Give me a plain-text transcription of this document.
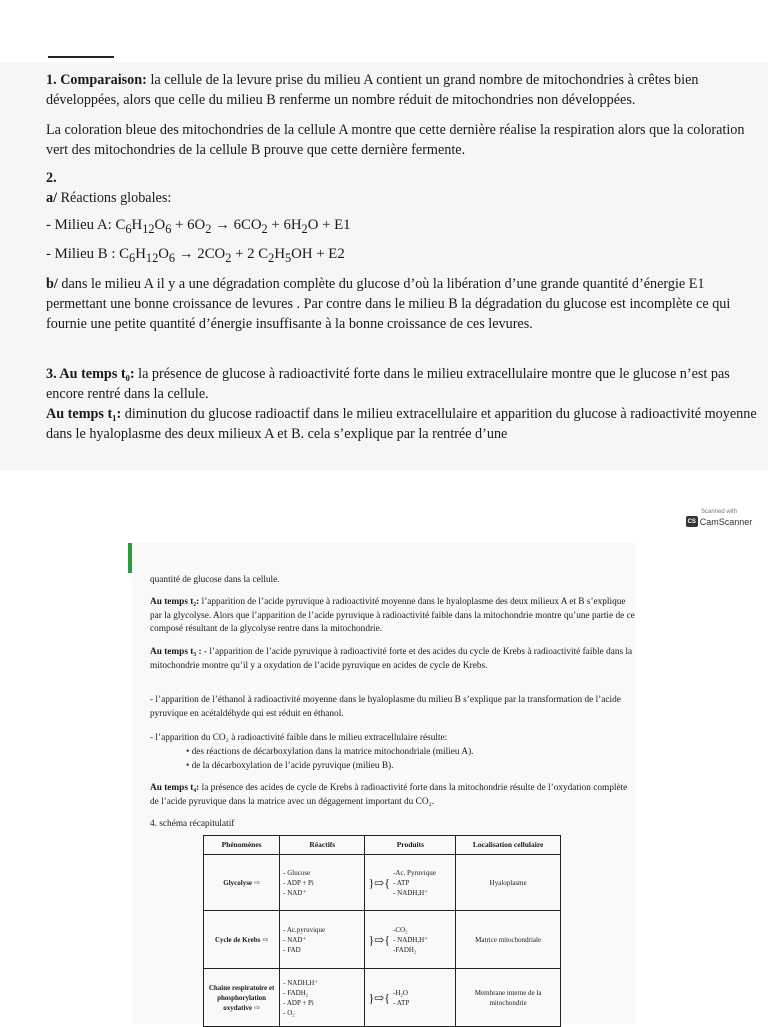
1. Comparaison: la cellule de la levure prise du milieu A contient un grand nombre de mitochondries à crêtes bien développées, alors que celle du milieu B renferme un nombre réduit de mitochondries non développées.

La coloration bleue des mitochondries de la cellule A montre que cette dernière réalise la respiration alors que la coloration vert des mitochondries de la cellule B prouve que cette dernière fermente.

2.

a/ Réactions globales:

- Milieu A: $C_6H_{12}O_6 + 6O_2 \to 6CO_2 + 6H_2O + E1$

- Milieu B : $C_6H_{12}O_6 \to 2CO_2 + 2$ $C_2H_5OH + E2$

b/ dans le milieu A il y a une dégradation complète du glucose d’où la libération d’une grande quantité d’énergie E1 permettant une bonne croissance de levures . Par contre dans le milieu B la dégradation du glucose est incomplète ce qui fournie une petite quantité d’énergie insuffisante à la bonne croissance de ces levures.

3. Au temps t₀: la présence de glucose à radioactivité forte dans le milieu extracellulaire montre que le glucose n’est pas encore rentré dans la cellule.

Au temps t₁: diminution du glucose radioactif dans le milieu extracellulaire et apparition du glucose à radioactivité moyenne dans le hyaloplasme des deux milieux A et B. cela s’explique par la rentrée d’une

Scanned with
CS CamScanner

quantité de glucose dans la cellule.

Au temps t₂: l’apparition de l’acide pyruvique à radioactivité moyenne dans le hyaloplasme des deux milieux A et B s’explique par la glycolyse. Alors que l’apparition de l’acide pyruvique à radioactivité faible dans la mitochondrie montre qu’une partie de ce composé résultant de la glycolyse rentre dans la mitochondrie.

Au temps t₃ : - l’apparition de l’acide pyruvique à radioactivité forte et des acides du cycle de Krebs à radioactivité faible dans la mitochondrie montre qu’il y a oxydation de l’acide pyruvique en acides de cycle de Krebs.

- l’apparition de l’éthanol à radioactivité moyenne dans le hyaloplasme du milieu B s’explique par la transformation de l’acide pyruvique en acétaldéhyde qui est réduit en éthanol.

- l’apparition du CO₂ à radioactivité faible dans le milieu extracellulaire résulte:

• des réactions de décarboxylation dans la matrice mitochondriale (milieu A).

• de la décarboxylation de l’acide pyruvique (milieu B).

Au temps t₄: la présence des acides de cycle de Krebs à radioactivité forte dans la mitochondrie résulte de l’oxydation complète de l’acide pyruvique dans la matrice avec un dégagement important du CO₂.

4. schéma récapitulatif

Phénomènes	Réactifs	Produits	Localisation cellulaire
Glycolyse ⇨	- Glucose
- ADP + Pi
- NAD⁺	}⇨{-Ac. Pyruvique
- ATP
- NADH,H⁺	Hyaloplasme
Cycle de Krebs ⇨	- Ac.pyruvique
- NAD⁺
- FAD	}⇨{-CO₂
- NADH,H⁺
-FADH₂	Matrice mitochondriale
Chaine respiratoire et phosphorylation oxydative ⇨	- NADH,H⁺
- FADH₂
- ADP + Pi
- O₂	}⇨{ -H₂O
- ATP	Membrane interne de la mitochondrie
